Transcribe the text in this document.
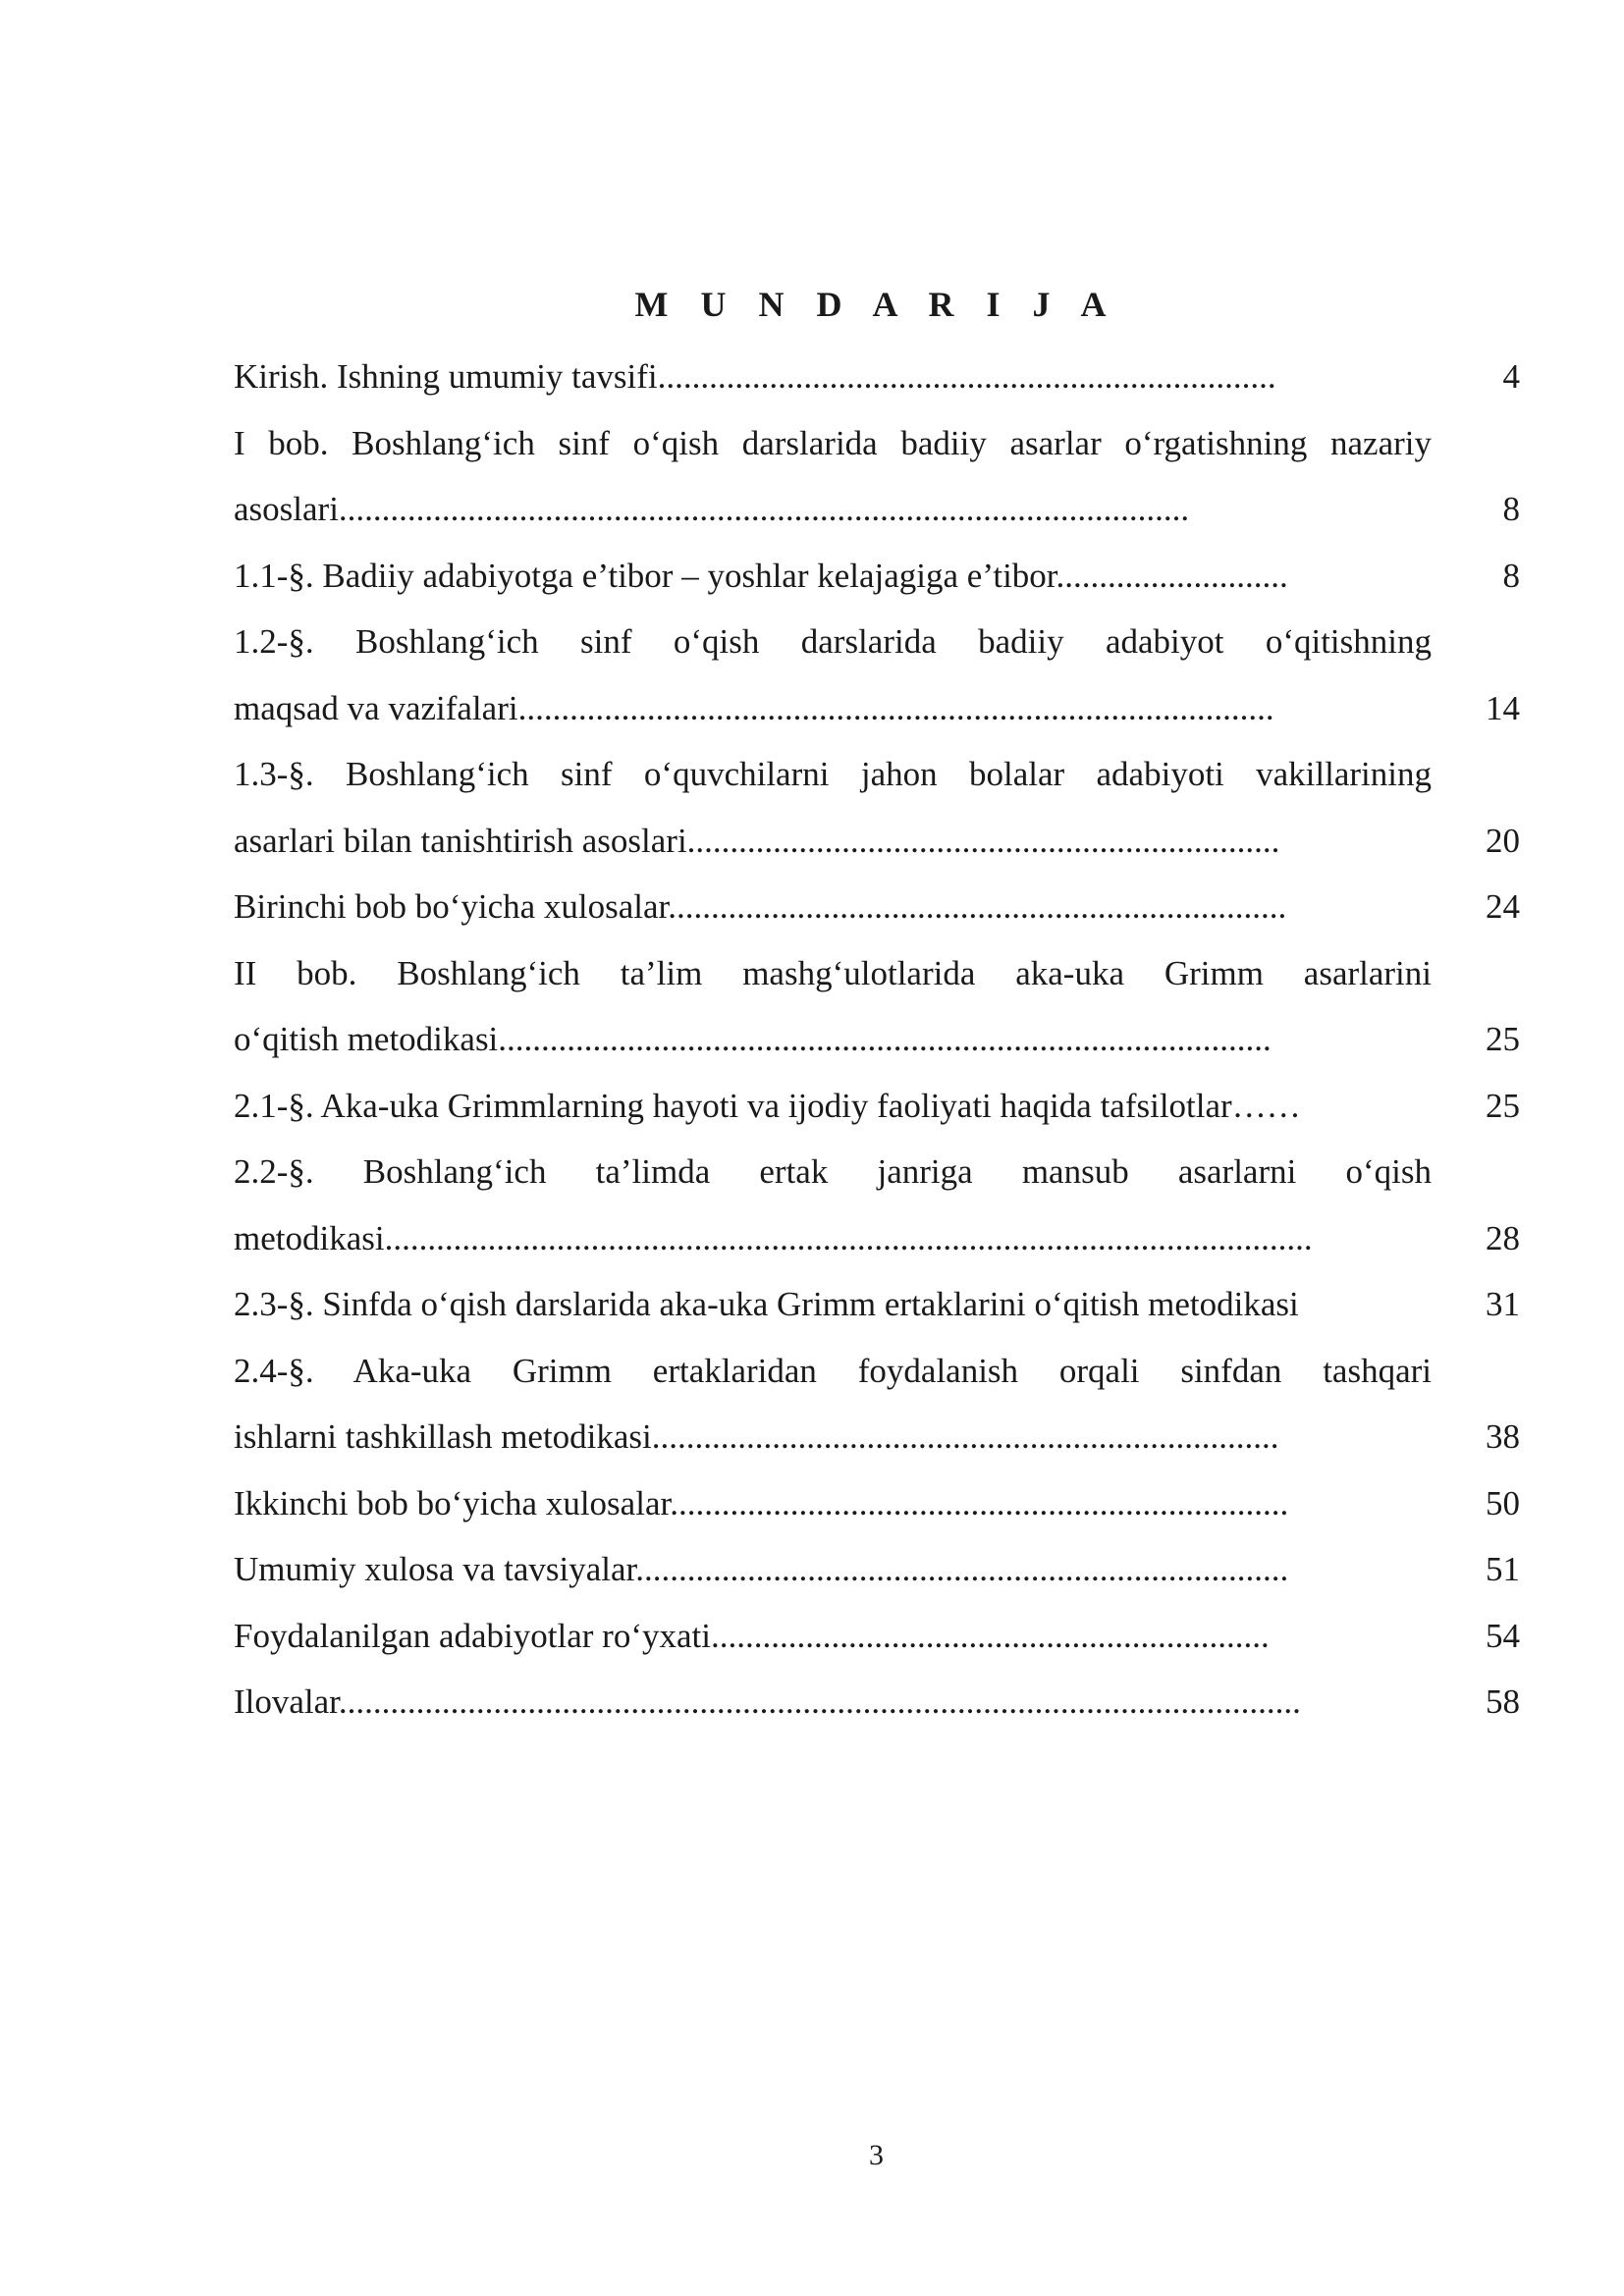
M U N D A R I J A
Kirish. Ishning umumiy tavsifi........................................................................	4
I bob. Boshlang‘ich sinf o‘qish darslarida badiiy asarlar o‘rgatishning nazariy
asoslari...................................................................................................	8
1.1-§. Badiiy adabiyotga e’tibor – yoshlar kelajagiga e’tibor...........................	8
1.2-§. Boshlang‘ich sinf o‘qish darslarida badiiy adabiyot o‘qitishning
maqsad va vazifalari........................................................................................	14
1.3-§. Boshlang‘ich sinf o‘quvchilarni jahon bolalar adabiyoti vakillarining
asarlari bilan tanishtirish asoslari.....................................................................	20
Birinchi bob bo‘yicha xulosalar........................................................................	24
II bob. Boshlang‘ich ta’lim mashg‘ulotlarida aka-uka Grimm asarlarini
o‘qitish metodikasi..........................................................................................	25
2.1-§. Aka-uka Grimmlarning hayoti va ijodiy faoliyati haqida tafsilotlar……	25
2.2-§. Boshlang‘ich ta’limda ertak janriga mansub asarlarni o‘qish
metodikasi............................................................................................................	28
2.3-§. Sinfda o‘qish darslarida aka-uka Grimm ertaklarini o‘qitish metodikasi	31
2.4-§. Aka-uka Grimm ertaklaridan foydalanish orqali sinfdan tashqari
ishlarni tashkillash metodikasi.........................................................................	38
Ikkinchi bob bo‘yicha xulosalar........................................................................	50
Umumiy xulosa va tavsiyalar............................................................................	51
Foydalanilgan adabiyotlar ro‘yxati.................................................................	54
Ilovalar................................................................................................................	58
3
